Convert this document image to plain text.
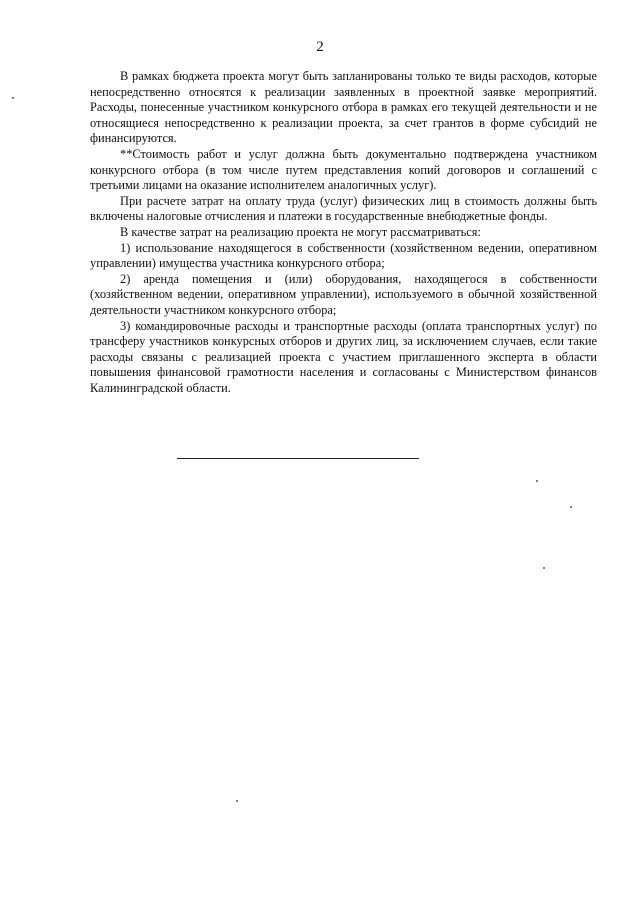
2

В рамках бюджета проекта могут быть запланированы только те виды расходов, которые непосредственно относятся к реализации заявленных в проектной заявке мероприятий. Расходы, понесенные участником конкурсного отбора в рамках его текущей деятельности и не относящиеся непосредственно к реализации проекта, за счет грантов в форме субсидий не финансируются.

**Стоимость работ и услуг должна быть документально подтверждена участником конкурсного отбора (в том числе путем представления копий договоров и соглашений с третьими лицами на оказание исполнителем аналогичных услуг).

При расчете затрат на оплату труда (услуг) физических лиц в стоимость должны быть включены налоговые отчисления и платежи в государственные внебюджетные фонды.

В качестве затрат на реализацию проекта не могут рассматриваться:

1) использование находящегося в собственности (хозяйственном ведении, оперативном управлении) имущества участника конкурсного отбора;

2) аренда помещения и (или) оборудования, находящегося в собственности (хозяйственном ведении, оперативном управлении), используемого в обычной хозяйственной деятельности участником конкурсного отбора;

3) командировочные расходы и транспортные расходы (оплата транспортных услуг) по трансферу участников конкурсных отборов и других лиц, за исключением случаев, если такие расходы связаны с реализацией проекта с участием приглашенного эксперта в области повышения финансовой грамотности населения и согласованы с Министерством финансов Калининградской области.
